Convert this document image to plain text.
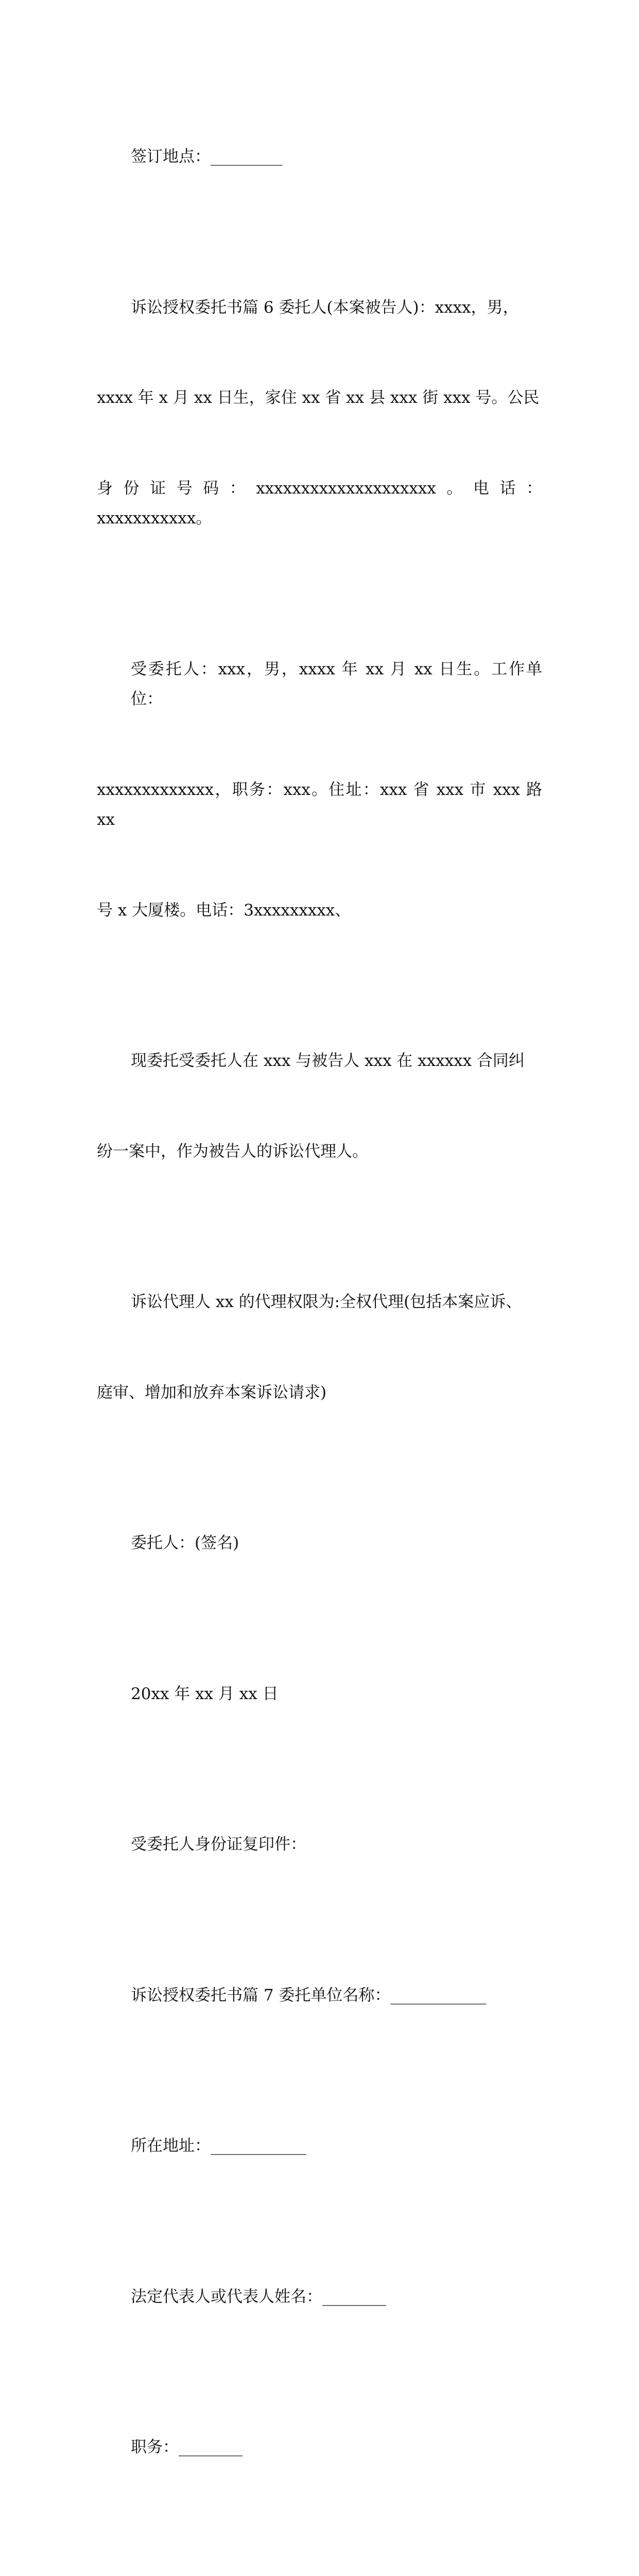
签订地点：_________

诉讼授权委托书篇 6 委托人(本案被告人)：xxxx，男，

xxxx 年 x 月 xx 日生，家住 xx 省 xx 县 xxx 街 xxx 号。公民

身份证号码：xxxxxxxxxxxxxxxxxxxx。电话：xxxxxxxxxxx。

受委托人：xxx，男，xxxx 年 xx 月 xx 日生。工作单位：

xxxxxxxxxxxxx，职务：xxx。住址：xxx 省 xxx 市 xxx 路 xx

号 x 大厦楼。电话：3xxxxxxxxx、

现委托受委托人在 xxx 与被告人 xxx 在 xxxxxx 合同纠

纷一案中，作为被告人的诉讼代理人。

诉讼代理人 xx 的代理权限为:全权代理(包括本案应诉、

庭审、增加和放弃本案诉讼请求)

委托人：(签名)

20xx 年 xx 月 xx 日

受委托人身份证复印件：

诉讼授权委托书篇 7 委托单位名称：____________

所在地址：____________

法定代表人或代表人姓名：________

职务：________
